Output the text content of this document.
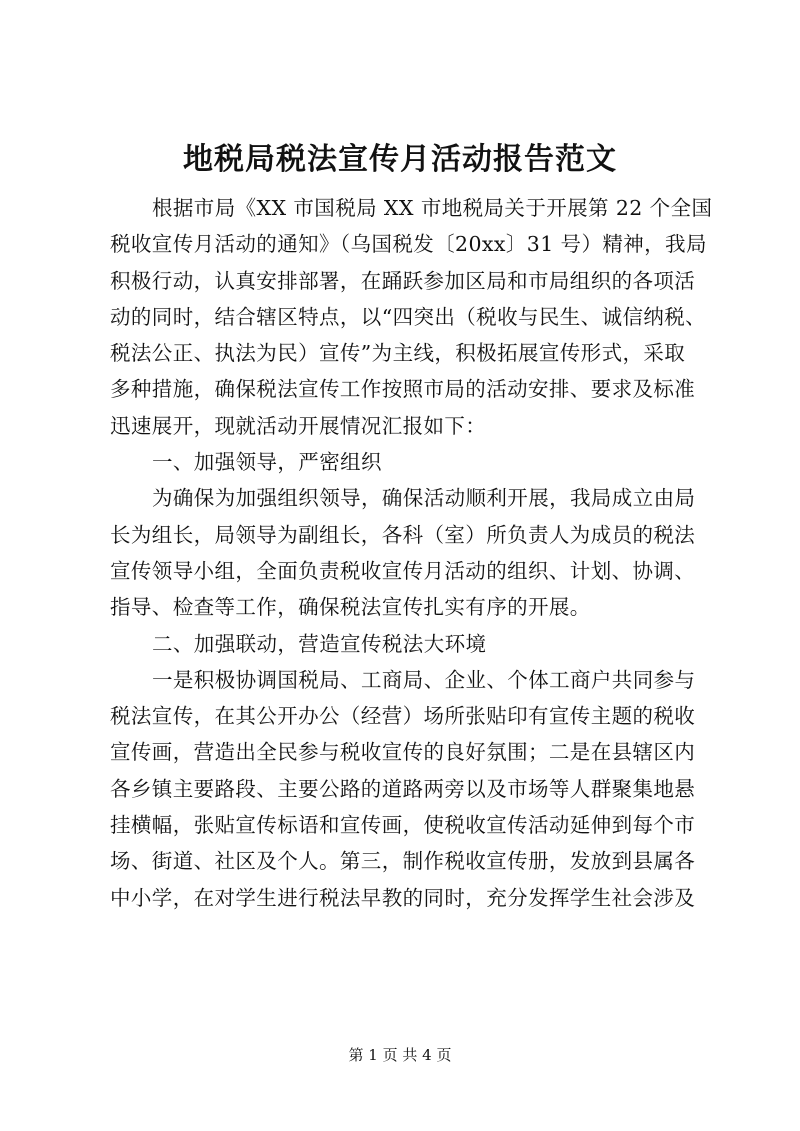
地税局税法宣传月活动报告范文
根据市局《XX 市国税局 XX 市地税局关于开展第 22 个全国
税收宣传月活动的通知》（乌国税发〔20xx〕31 号）精神，我局
积极行动，认真安排部署，在踊跃参加区局和市局组织的各项活
动的同时，结合辖区特点，以“四突出（税收与民生、诚信纳税、
税法公正、执法为民）宣传”为主线，积极拓展宣传形式，采取
多种措施，确保税法宣传工作按照市局的活动安排、要求及标准
迅速展开，现就活动开展情况汇报如下：
一、加强领导，严密组织
为确保为加强组织领导，确保活动顺利开展，我局成立由局
长为组长，局领导为副组长，各科（室）所负责人为成员的税法
宣传领导小组，全面负责税收宣传月活动的组织、计划、协调、
指导、检查等工作，确保税法宣传扎实有序的开展。
二、加强联动，营造宣传税法大环境
一是积极协调国税局、工商局、企业、个体工商户共同参与
税法宣传，在其公开办公（经营）场所张贴印有宣传主题的税收
宣传画，营造出全民参与税收宣传的良好氛围；二是在县辖区内
各乡镇主要路段、主要公路的道路两旁以及市场等人群聚集地悬
挂横幅，张贴宣传标语和宣传画，使税收宣传活动延伸到每个市
场、街道、社区及个人。第三，制作税收宣传册，发放到县属各
中小学，在对学生进行税法早教的同时，充分发挥学生社会涉及
第 1 页 共 4 页
